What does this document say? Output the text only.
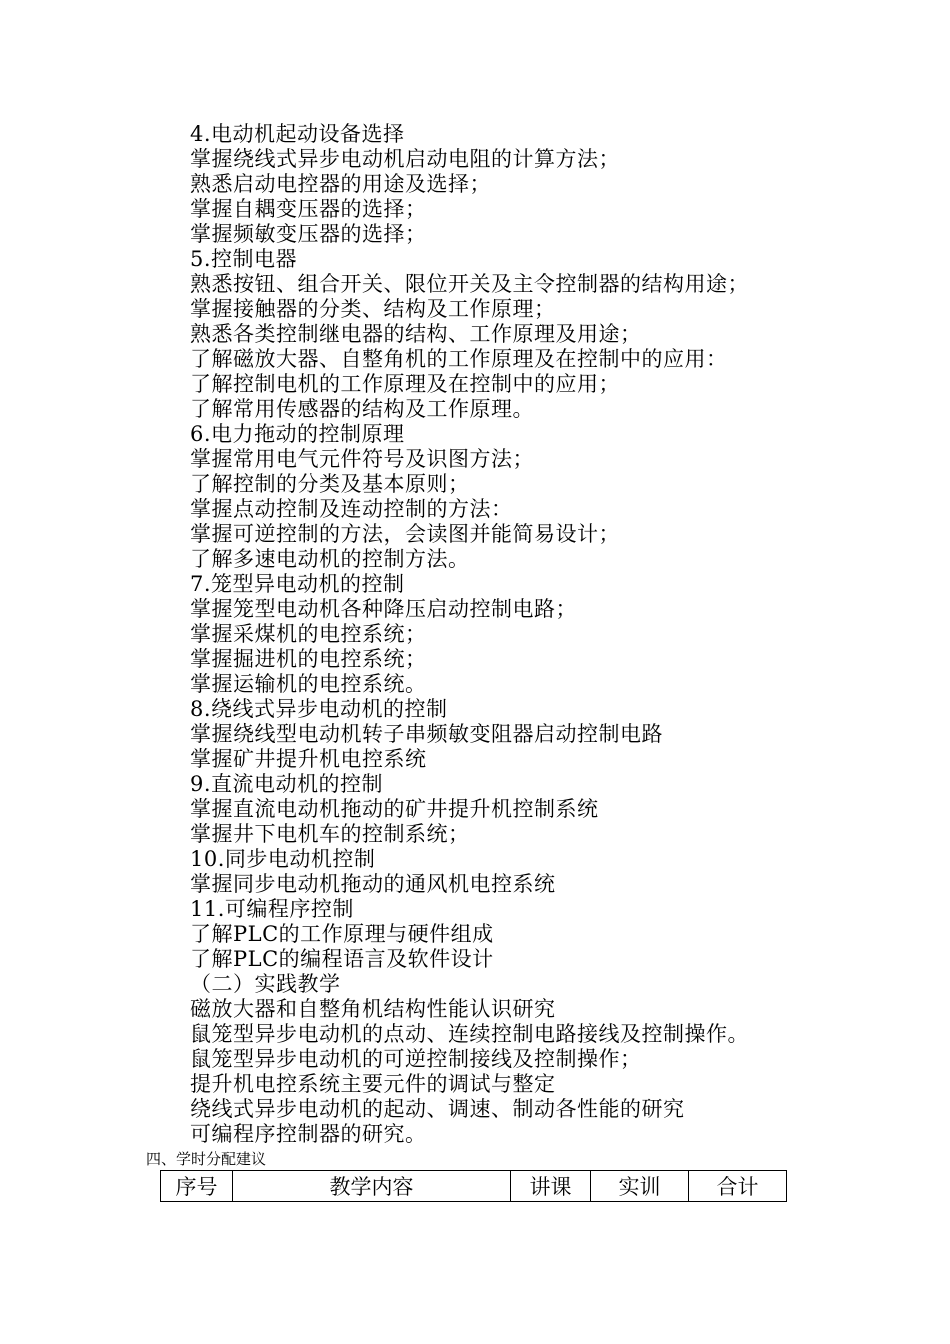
4.电动机起动设备选择
掌握绕线式异步电动机启动电阻的计算方法；
熟悉启动电控器的用途及选择；
掌握自耦变压器的选择；
掌握频敏变压器的选择；
5.控制电器
熟悉按钮、组合开关、限位开关及主令控制器的结构用途；
掌握接触器的分类、结构及工作原理；
熟悉各类控制继电器的结构、工作原理及用途；
了解磁放大器、自整角机的工作原理及在控制中的应用：
了解控制电机的工作原理及在控制中的应用；
了解常用传感器的结构及工作原理。
6.电力拖动的控制原理
掌握常用电气元件符号及识图方法；
了解控制的分类及基本原则；
掌握点动控制及连动控制的方法：
掌握可逆控制的方法，会读图并能简易设计；
了解多速电动机的控制方法。
7.笼型异电动机的控制
掌握笼型电动机各种降压启动控制电路；
掌握采煤机的电控系统；
掌握掘进机的电控系统；
掌握运输机的电控系统。
8.绕线式异步电动机的控制
掌握绕线型电动机转子串频敏变阻器启动控制电路
掌握矿井提升机电控系统
9.直流电动机的控制
掌握直流电动机拖动的矿井提升机控制系统
掌握井下电机车的控制系统；
10.同步电动机控制
掌握同步电动机拖动的通风机电控系统
11.可编程序控制
了解PLC的工作原理与硬件组成
了解PLC的编程语言及软件设计
（二）实践教学
磁放大器和自整角机结构性能认识研究
鼠笼型异步电动机的点动、连续控制电路接线及控制操作。
鼠笼型异步电动机的可逆控制接线及控制操作；
提升机电控系统主要元件的调试与整定
绕线式异步电动机的起动、调速、制动各性能的研究
可编程序控制器的研究。
四、学时分配建议
序号	教学内容	讲课	实训	合计
